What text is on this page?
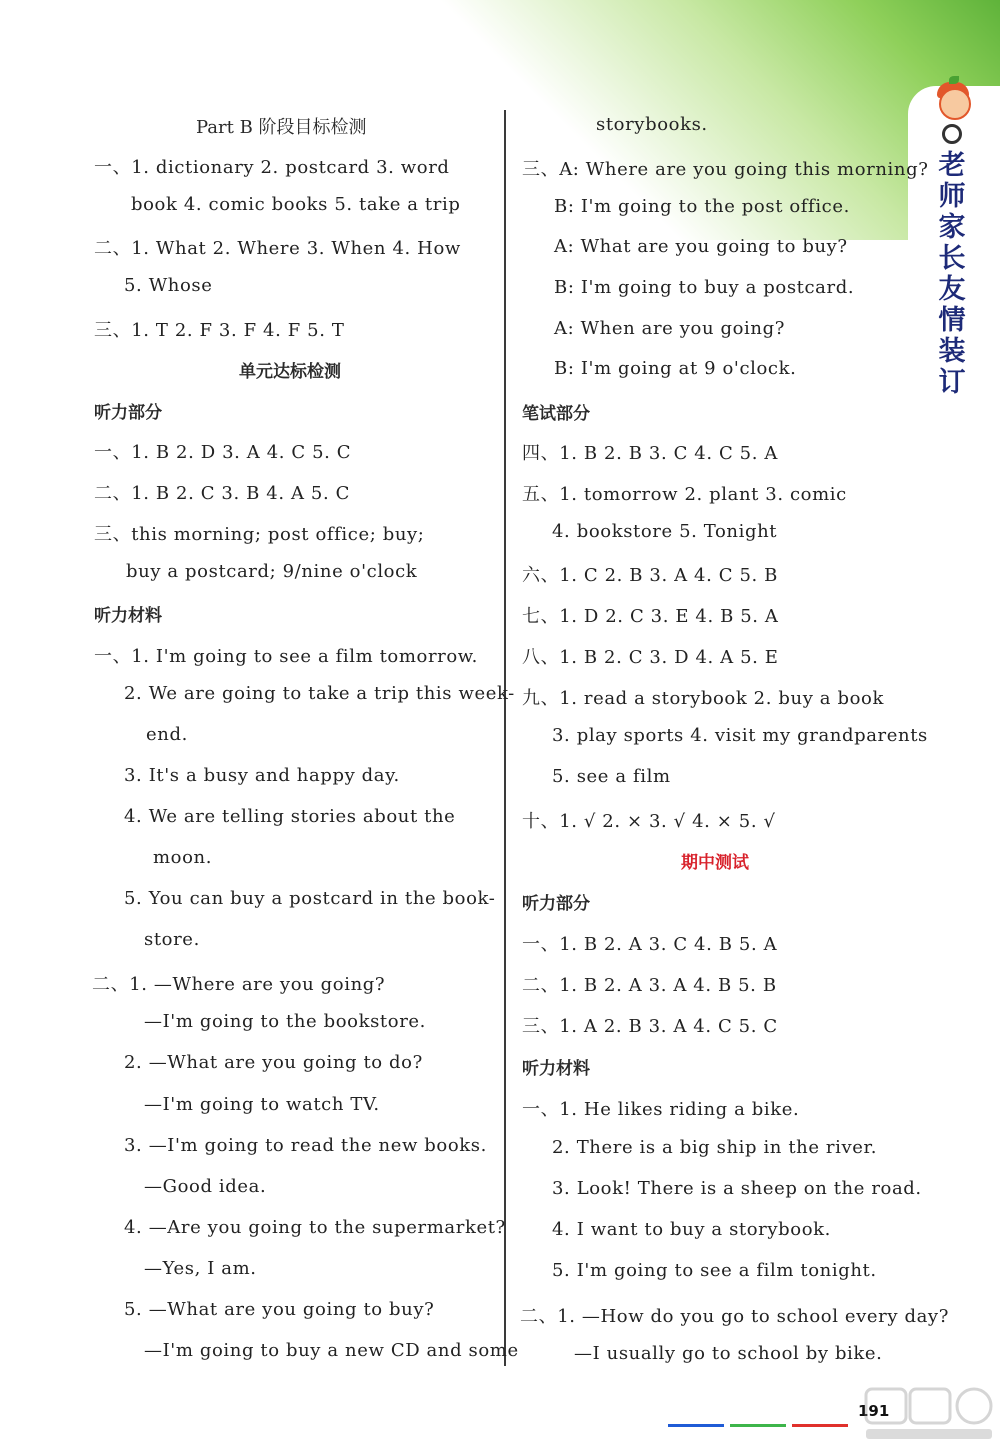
老
师
家
长
友
情
装
订
Part B 阶段目标检测
一、1. dictionary 2. postcard 3. word
book 4. comic books 5. take a trip
二、1. What 2. Where 3. When 4. How
5. Whose
三、1. T 2. F 3. F 4. F 5. T
单元达标检测
听力部分
一、1. B 2. D 3. A 4. C 5. C
二、1. B 2. C 3. B 4. A 5. C
三、this morning; post office; buy;
buy a postcard; 9/nine o'clock
听力材料
一、1. I'm going to see a film tomorrow.
2. We are going to take a trip this week-
end.
3. It's a busy and happy day.
4. We are telling stories about the
moon.
5. You can buy a postcard in the book-
store.
二、1. —Where are you going?
—I'm going to the bookstore.
2. —What are you going to do?
—I'm going to watch TV.
3. —I'm going to read the new books.
—Good idea.
4. —Are you going to the supermarket?
—Yes, I am.
5. —What are you going to buy?
—I'm going to buy a new CD and some
storybooks.
三、A: Where are you going this morning?
B: I'm going to the post office.
A: What are you going to buy?
B: I'm going to buy a postcard.
A: When are you going?
B: I'm going at 9 o'clock.
笔试部分
四、1. B 2. B 3. C 4. C 5. A
五、1. tomorrow 2. plant 3. comic
4. bookstore 5. Tonight
六、1. C 2. B 3. A 4. C 5. B
七、1. D 2. C 3. E 4. B 5. A
八、1. B 2. C 3. D 4. A 5. E
九、1. read a storybook 2. buy a book
3. play sports 4. visit my grandparents
5. see a film
十、1. √ 2. × 3. √ 4. × 5. √
期中测试
听力部分
一、1. B 2. A 3. C 4. B 5. A
二、1. B 2. A 3. A 4. B 5. B
三、1. A 2. B 3. A 4. C 5. C
听力材料
一、1. He likes riding a bike.
2. There is a big ship in the river.
3. Look! There is a sheep on the road.
4. I want to buy a storybook.
5. I'm going to see a film tonight.
二、1. —How do you go to school every day?
—I usually go to school by bike.
191
